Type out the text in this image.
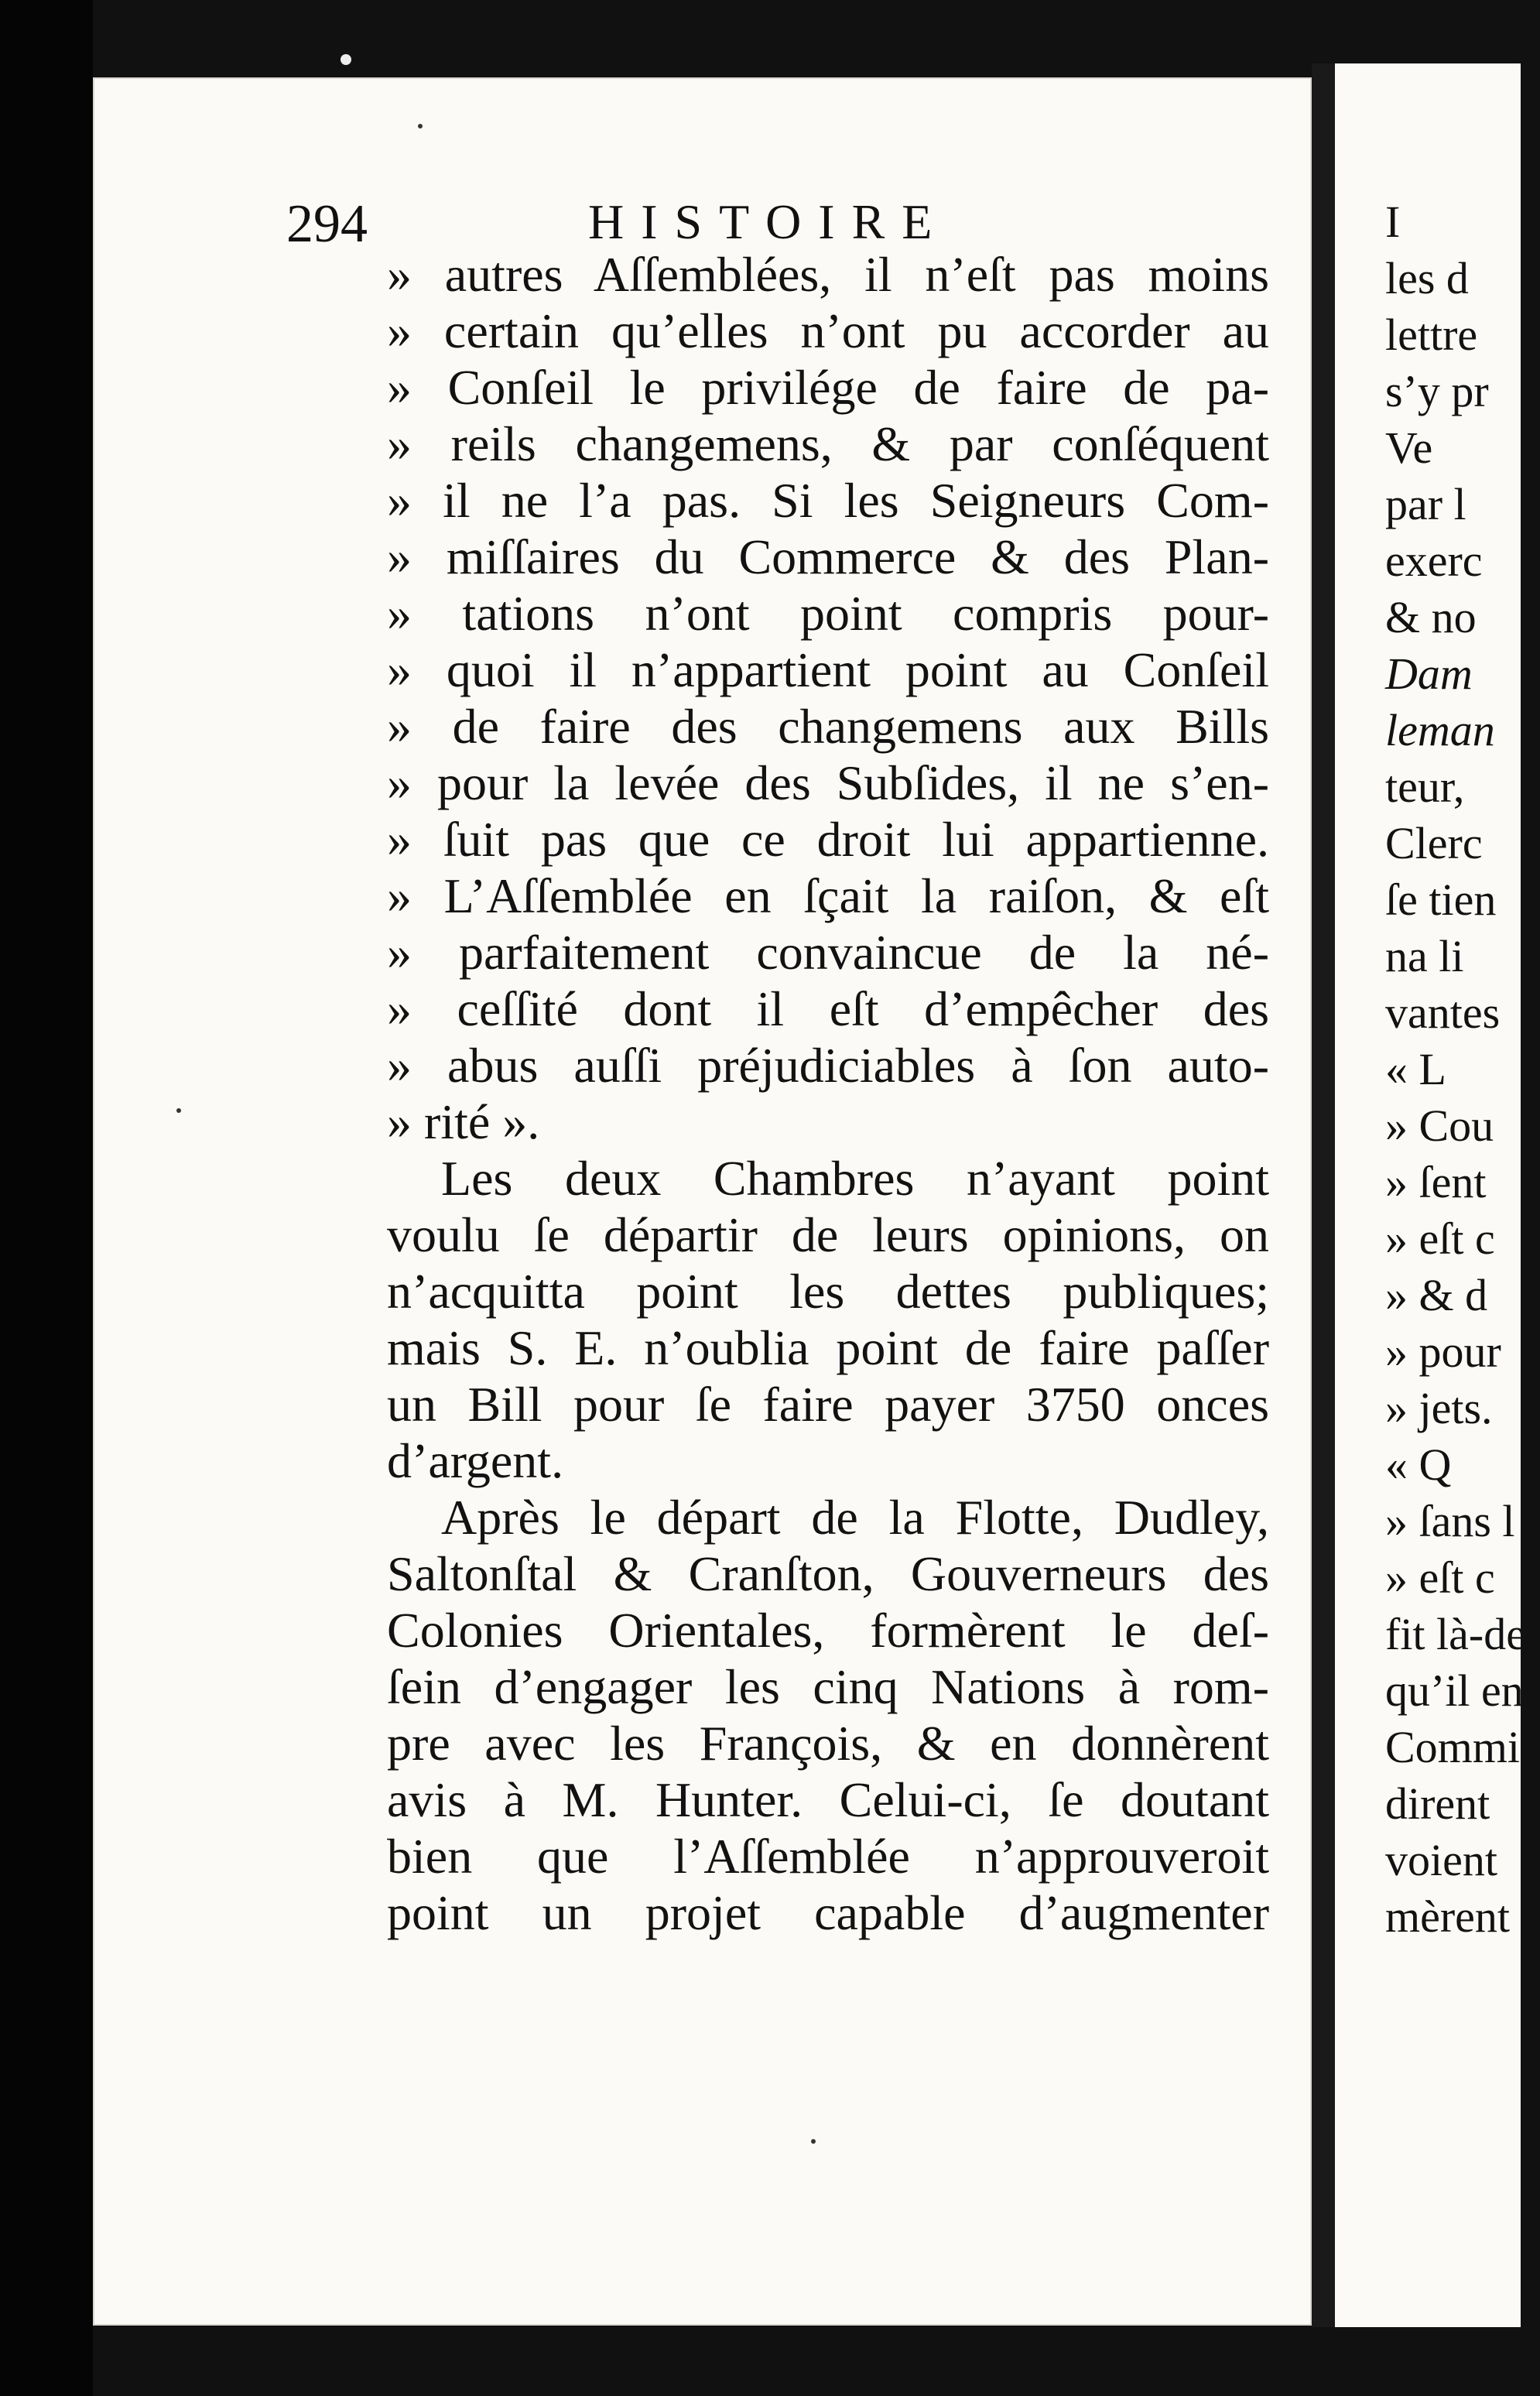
294	HISTOIRE
» autres Aſſemblées, il n’eſt pas moins
» certain qu’elles n’ont pu accorder au
» Conſeil le privilége de faire de pa-
» reils changemens, & par conſéquent
» il ne l’a pas. Si les Seigneurs Com-
» miſſaires du Commerce & des Plan-
» tations n’ont point compris pour-
» quoi il n’appartient point au Conſeil
» de faire des changemens aux Bills
» pour la levée des Subſides, il ne s’en-
» ſuit pas que ce droit lui appartienne.
» L’Aſſemblée en ſçait la raiſon, & eſt
» parfaitement convaincue de la né-
» ceſſité dont il eſt d’empêcher des
» abus auſſi préjudiciables à ſon auto-
» rité ».
Les deux Chambres n’ayant point
voulu ſe départir de leurs opinions, on
n’acquitta point les dettes publiques;
mais S. E. n’oublia point de faire paſſer
un Bill pour ſe faire payer 3750 onces
d’argent.
Après le départ de la Flotte, Dudley,
Saltonſtal & Cranſton, Gouverneurs des
Colonies Orientales, formèrent le deſ-
ſein d’engager les cinq Nations à rom-
pre avec les François, & en donnèrent
avis à M. Hunter. Celui-ci, ſe doutant
bien que l’Aſſemblée n’approuveroit
point un projet capable d’augmenter
I
les d
lettre
s’y pr
Ve
par l
exerc
& no
Dam
leman
teur,
Clerc
ſe tien
na li
vantes
« L
» Cou
» ſent
» eſt c
» & d
» pour
» jets.
« Q
» ſans l
» eſt c
fit là-de
qu’il en
Commi
dirent
voient
mèrent
